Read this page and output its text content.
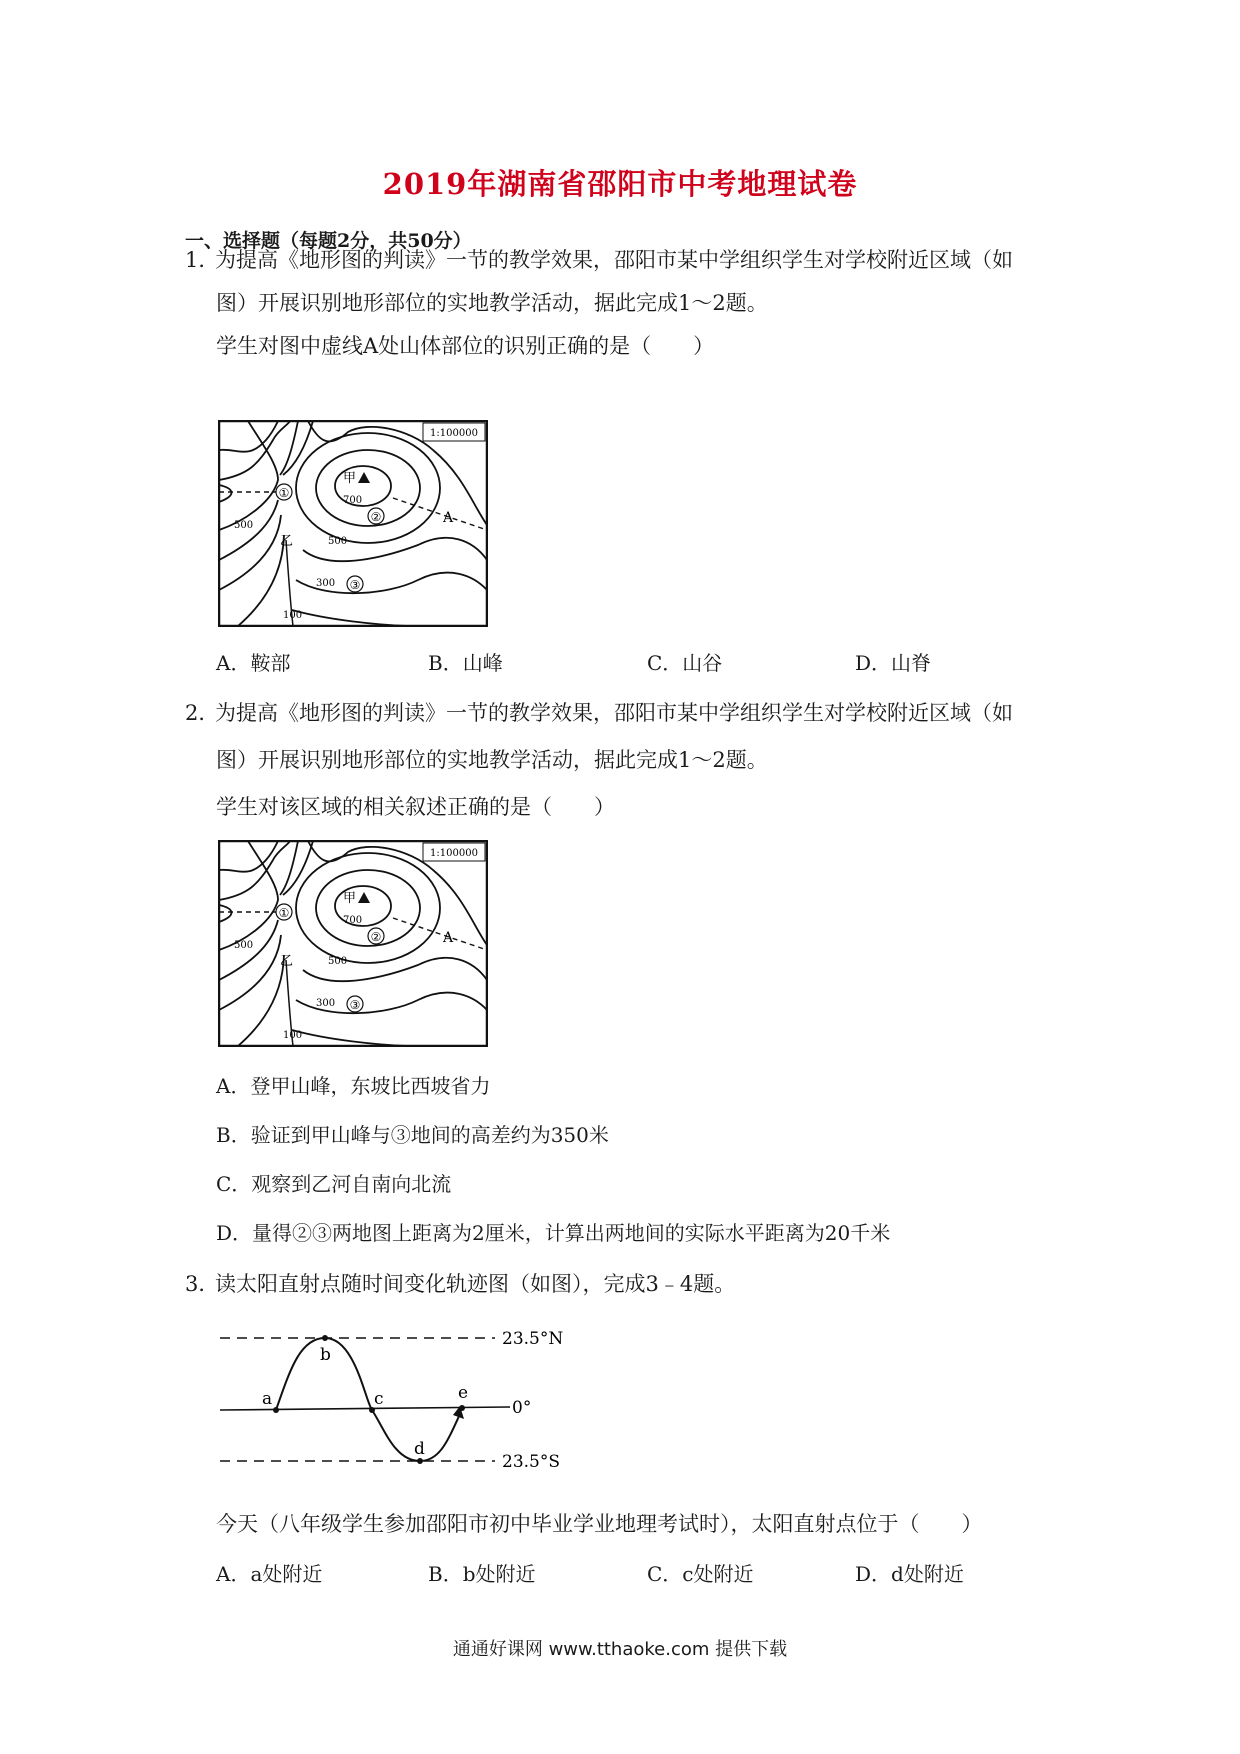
2019年湖南省邵阳市中考地理试卷
一、选择题（每题2分，共50分）
1．为提高《地形图的判读》一节的教学效果，邵阳市某中学组织学生对学校附近区域（如
图）开展识别地形部位的实地教学活动，据此完成1～2题。
学生对图中虚线A处山体部位的识别正确的是（　　）
1:100000
①
②
③
甲
A
乙
700
500
500
300
100
A．鞍部	B．山峰	C．山谷	D．山脊
2．为提高《地形图的判读》一节的教学效果，邵阳市某中学组织学生对学校附近区域（如
图）开展识别地形部位的实地教学活动，据此完成1～2题。
学生对该区域的相关叙述正确的是（　　）
1:100000
①
②
③
甲
A
乙
700
500
500
300
100
A．登甲山峰，东坡比西坡省力
B．验证到甲山峰与③地间的高差约为350米
C．观察到乙河自南向北流
D．量得②③两地图上距离为2厘米，计算出两地间的实际水平距离为20千米
3．读太阳直射点随时间变化轨迹图（如图），完成3﹣4题。
a
b
c
d
e
23.5°N
0°
23.5°S
今天（八年级学生参加邵阳市初中毕业学业地理考试时），太阳直射点位于（　　）
A．a处附近	B．b处附近	C．c处附近	D．d处附近
通通好课网 www.tthaoke.com 提供下载
